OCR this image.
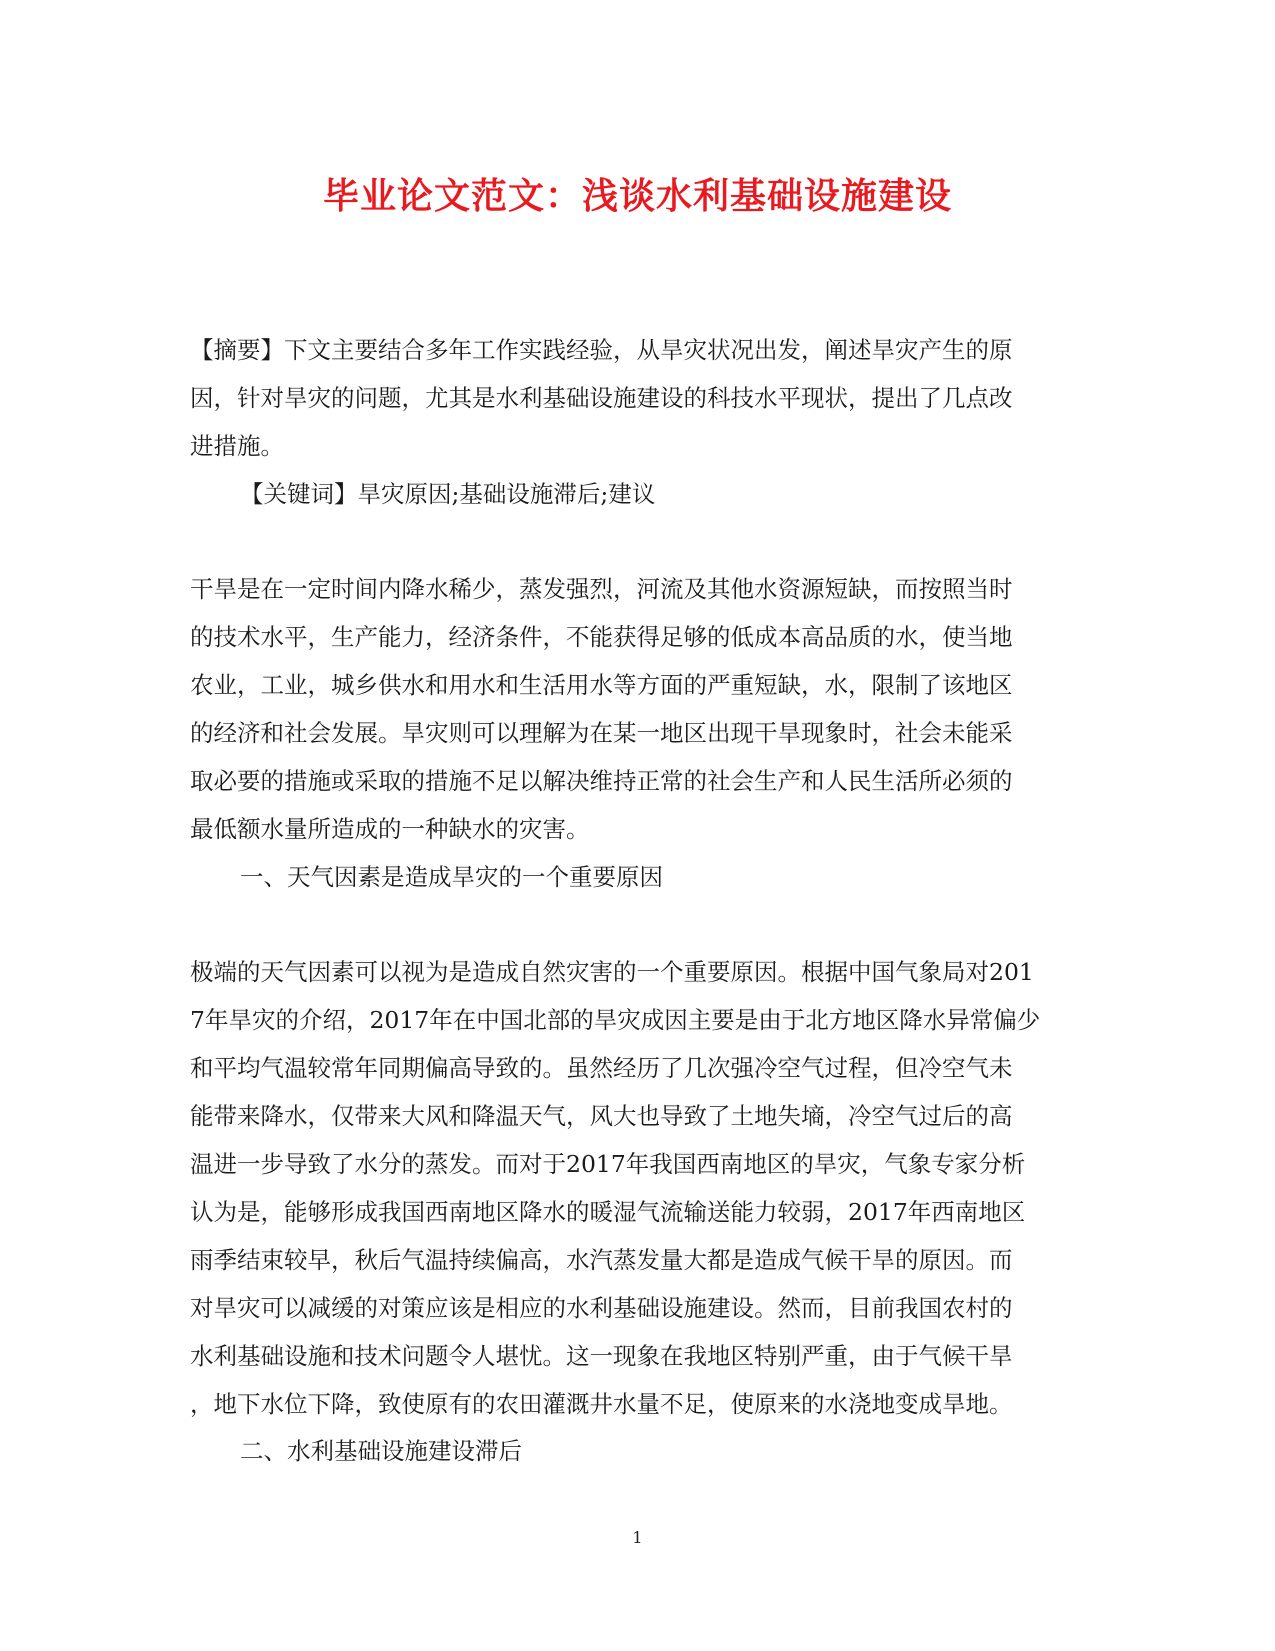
毕业论文范文：浅谈水利基础设施建设
【摘要】下文主要结合多年工作实践经验，从旱灾状况出发，阐述旱灾产生的原
因，针对旱灾的问题，尤其是水利基础设施建设的科技水平现状，提出了几点改
进措施。
【关键词】旱灾原因;基础设施滞后;建议
干旱是在一定时间内降水稀少，蒸发强烈，河流及其他水资源短缺，而按照当时
的技术水平，生产能力，经济条件，不能获得足够的低成本高品质的水，使当地
农业，工业，城乡供水和用水和生活用水等方面的严重短缺，水，限制了该地区
的经济和社会发展。旱灾则可以理解为在某一地区出现干旱现象时，社会未能采
取必要的措施或采取的措施不足以解决维持正常的社会生产和人民生活所必须的
最低额水量所造成的一种缺水的灾害。
一、天气因素是造成旱灾的一个重要原因
极端的天气因素可以视为是造成自然灾害的一个重要原因。根据中国气象局对201
7年旱灾的介绍，2017年在中国北部的旱灾成因主要是由于北方地区降水异常偏少
和平均气温较常年同期偏高导致的。虽然经历了几次强冷空气过程，但冷空气未
能带来降水，仅带来大风和降温天气，风大也导致了土地失墒，冷空气过后的高
温进一步导致了水分的蒸发。而对于2017年我国西南地区的旱灾，气象专家分析
认为是，能够形成我国西南地区降水的暖湿气流输送能力较弱，2017年西南地区
雨季结束较早，秋后气温持续偏高，水汽蒸发量大都是造成气候干旱的原因。而
对旱灾可以减缓的对策应该是相应的水利基础设施建设。然而，目前我国农村的
水利基础设施和技术问题令人堪忧。这一现象在我地区特别严重，由于气候干旱
，地下水位下降，致使原有的农田灌溉井水量不足，使原来的水浇地变成旱地。
二、水利基础设施建设滞后
1
